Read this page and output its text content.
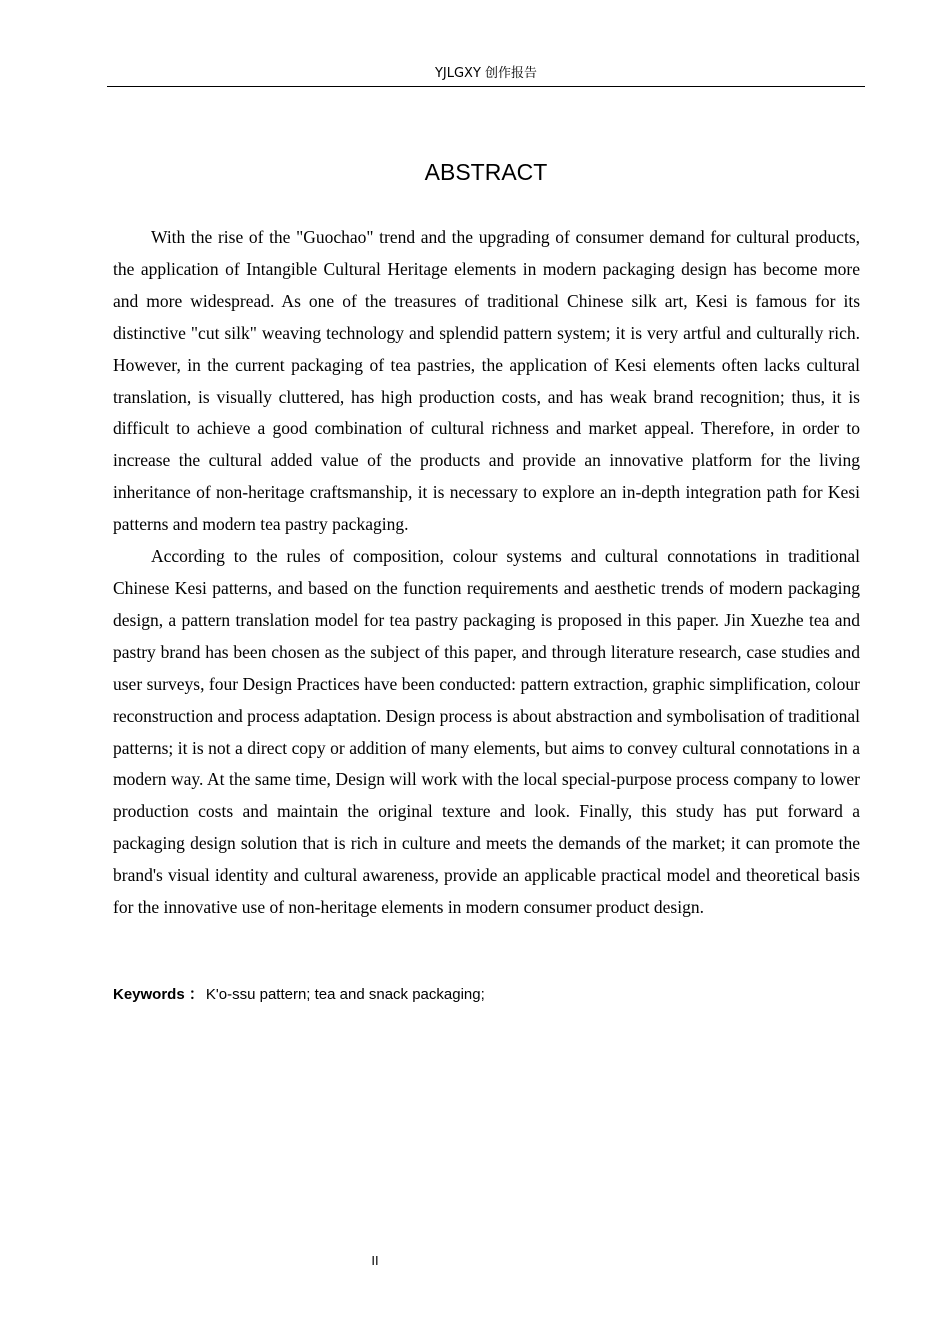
YJLGXY 创作报告
ABSTRACT

With the rise of the "Guochao" trend and the upgrading of consumer demand for cultural products, the application of Intangible Cultural Heritage elements in modern packaging design has become more and more widespread. As one of the treasures of traditional Chinese silk art, Kesi is famous for its distinctive "cut silk" weaving technology and splendid pattern system; it is very artful and culturally rich. However, in the current packaging of tea pastries, the application of Kesi elements often lacks cultural translation, is visually cluttered, has high production costs, and has weak brand recognition; thus, it is difficult to achieve a good combination of cultural richness and market appeal. Therefore, in order to increase the cultural added value of the products and provide an innovative platform for the living inheritance of non-heritage craftsmanship, it is necessary to explore an in-depth integration path for Kesi patterns and modern tea pastry packaging.

According to the rules of composition, colour systems and cultural connotations in traditional Chinese Kesi patterns, and based on the function requirements and aesthetic trends of modern packaging design, a pattern translation model for tea pastry packaging is proposed in this paper. Jin Xuezhe tea and pastry brand has been chosen as the subject of this paper, and through literature research, case studies and user surveys, four Design Practices have been conducted: pattern extraction, graphic simplification, colour reconstruction and process adaptation. Design process is about abstraction and symbolisation of traditional patterns; it is not a direct copy or addition of many elements, but aims to convey cultural connotations in a modern way. At the same time, Design will work with the local special-purpose process company to lower production costs and maintain the original texture and look. Finally, this study has put forward a packaging design solution that is rich in culture and meets the demands of the market; it can promote the brand's visual identity and cultural awareness, provide an applicable practical model and theoretical basis for the innovative use of non-heritage elements in modern consumer product design.

Keywords ： K'o-ssu pattern; tea and snack packaging;
II
